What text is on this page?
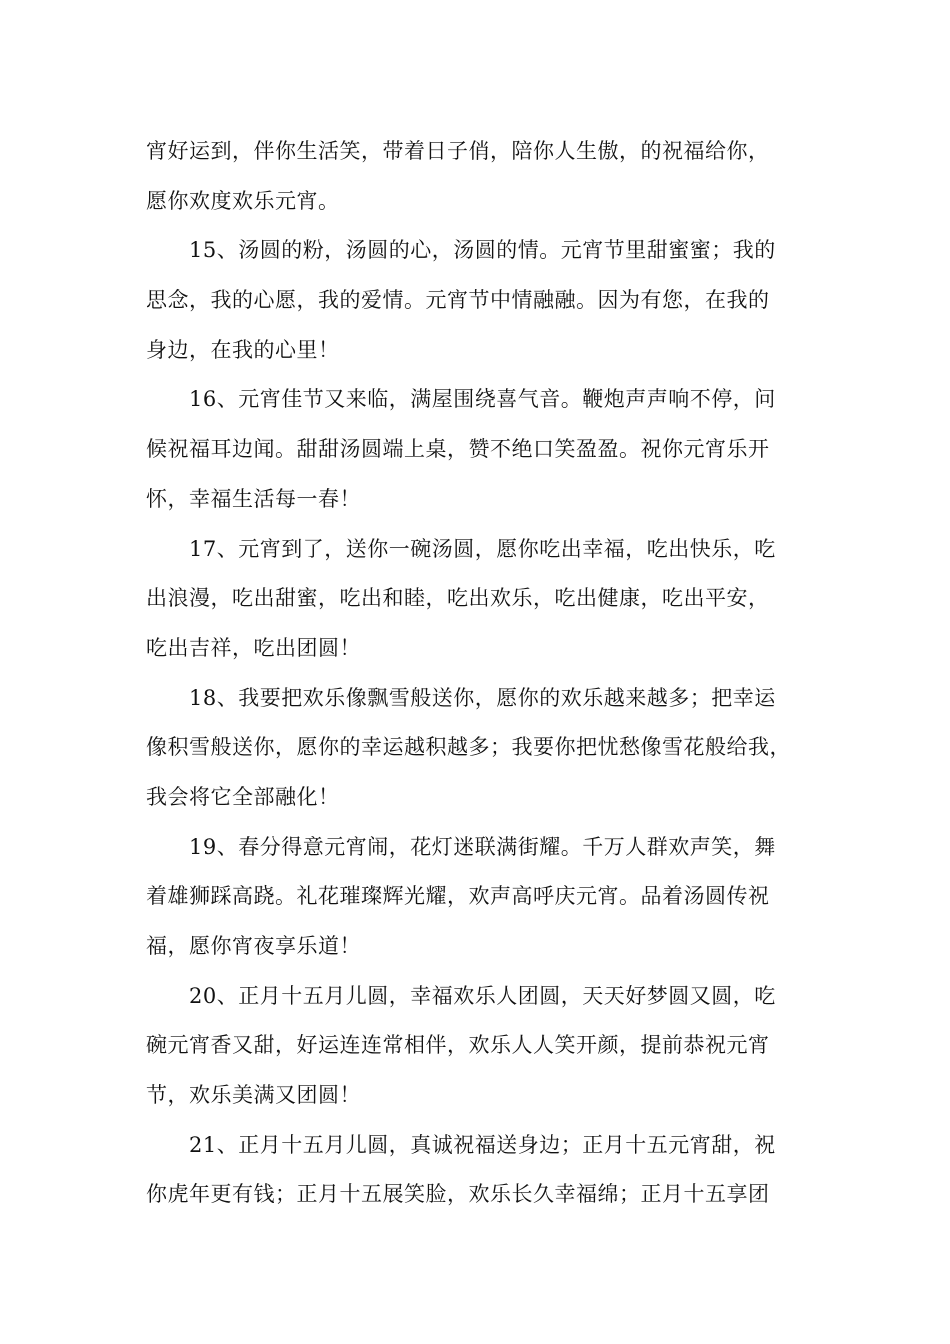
宵好运到，伴你生活笑，带着日子俏，陪你人生傲，的祝福给你，
愿你欢度欢乐元宵。
15、汤圆的粉，汤圆的心，汤圆的情。元宵节里甜蜜蜜；我的
思念，我的心愿，我的爱情。元宵节中情融融。因为有您，在我的
身边，在我的心里！
16、元宵佳节又来临，满屋围绕喜气音。鞭炮声声响不停，问
候祝福耳边闻。甜甜汤圆端上桌，赞不绝口笑盈盈。祝你元宵乐开
怀，幸福生活每一春！
17、元宵到了，送你一碗汤圆，愿你吃出幸福，吃出快乐，吃
出浪漫，吃出甜蜜，吃出和睦，吃出欢乐，吃出健康，吃出平安，
吃出吉祥，吃出团圆！
18、我要把欢乐像飘雪般送你，愿你的欢乐越来越多；把幸运
像积雪般送你，愿你的幸运越积越多；我要你把忧愁像雪花般给我，
我会将它全部融化！
19、春分得意元宵闹，花灯迷联满街耀。千万人群欢声笑，舞
着雄狮踩高跷。礼花璀璨辉光耀，欢声高呼庆元宵。品着汤圆传祝
福，愿你宵夜享乐道！
20、正月十五月儿圆，幸福欢乐人团圆，天天好梦圆又圆，吃
碗元宵香又甜，好运连连常相伴，欢乐人人笑开颜，提前恭祝元宵
节，欢乐美满又团圆！
21、正月十五月儿圆，真诚祝福送身边；正月十五元宵甜，祝
你虎年更有钱；正月十五展笑脸，欢乐长久幸福绵；正月十五享团
